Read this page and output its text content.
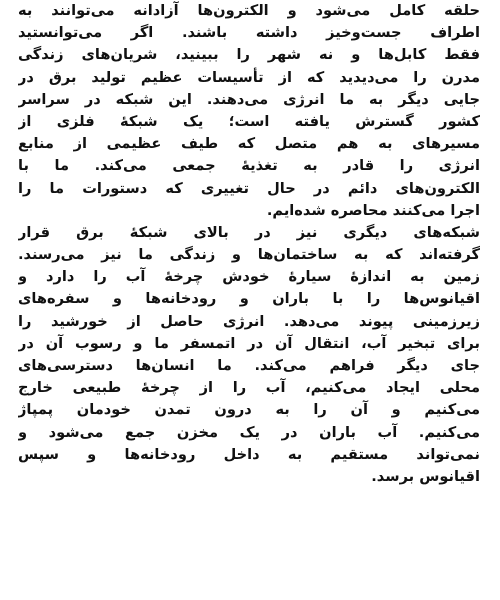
حلقه کامل می‌شود و الکترون‌ها آزادانه می‌توانند به
اطراف جست‌وخیز داشته باشند. اگر می‌توانستید
فقط کابل‌ها و نه شهر را ببینید، شریان‌های زندگی
مدرن را می‌دیدید که از تأسیسات عظیم تولید برق در
جایی دیگر به ما انرژی می‌دهند. این شبکه در سراسر
کشور گسترش یافته است؛ یک شبکهٔ فلزی از
مسیرهای به هم متصل که طیف عظیمی از منابع
انرژی را قادر به تغذیهٔ جمعی می‌کند. ما با
الکترون‌های دائم در حال تغییری که دستورات ما را
اجرا می‌کنند محاصره شده‌ایم.
شبکه‌های دیگری نیز در بالای شبکهٔ برق قرار
گرفته‌اند که به ساختمان‌ها و زندگی ما نیز می‌رسند.
زمین به اندازهٔ سیارهٔ خودش چرخهٔ آب را دارد و
اقیانوس‌ها را با باران و رودخانه‌ها و سفره‌های
زیرزمینی پیوند می‌دهد. انرژی حاصل از خورشید را
برای تبخیر آب، انتقال آن در اتمسفر ما و رسوب آن در
جای دیگر فراهم می‌کند. ما انسان‌ها دسترسی‌های
محلی ایجاد می‌کنیم، آب را از چرخهٔ طبیعی خارج
می‌کنیم و آن را به درون تمدن خودمان پمپاژ
می‌کنیم. آب باران در یک مخزن جمع می‌شود و
نمی‌تواند مستقیم به داخل رودخانه‌ها و سپس
اقیانوس برسد.
